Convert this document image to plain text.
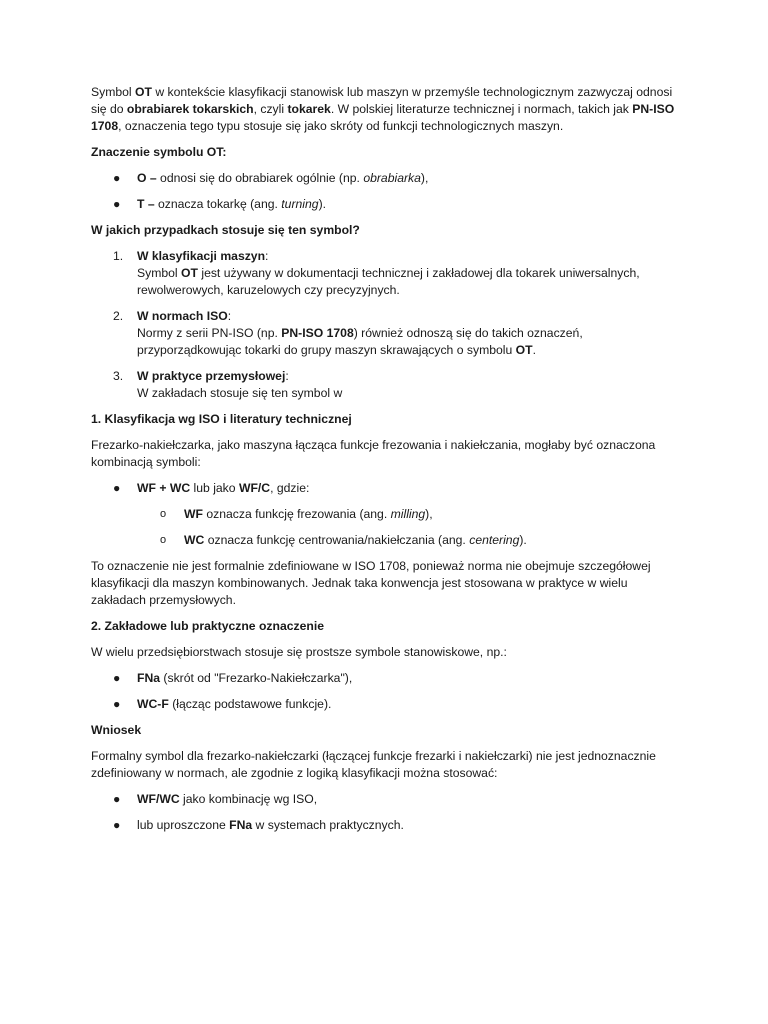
Symbol OT w kontekście klasyfikacji stanowisk lub maszyn w przemyśle technologicznym zazwyczaj odnosi się do obrabiarek tokarskich, czyli tokarek. W polskiej literaturze technicznej i normach, takich jak PN-ISO 1708, oznaczenia tego typu stosuje się jako skróty od funkcji technologicznych maszyn.

Znaczenie symbolu OT:

● O – odnosi się do obrabiarek ogólnie (np. obrabiarka),
● T – oznacza tokarkę (ang. turning).

W jakich przypadkach stosuje się ten symbol?

1. W klasyfikacji maszyn:
Symbol OT jest używany w dokumentacji technicznej i zakładowej dla tokarek uniwersalnych, rewolwerowych, karuzelowych czy precyzyjnych.
2. W normach ISO:
Normy z serii PN-ISO (np. PN-ISO 1708) również odnoszą się do takich oznaczeń, przyporządkowując tokarki do grupy maszyn skrawających o symbolu OT.
3. W praktyce przemysłowej:
W zakładach stosuje się ten symbol w

1. Klasyfikacja wg ISO i literatury technicznej

Frezarko-nakiełczarka, jako maszyna łącząca funkcje frezowania i nakiełczania, mogłaby być oznaczona kombinacją symboli:

● WF + WC lub jako WF/C, gdzie:
o WF oznacza funkcję frezowania (ang. milling),
o WC oznacza funkcję centrowania/nakiełczania (ang. centering).

To oznaczenie nie jest formalnie zdefiniowane w ISO 1708, ponieważ norma nie obejmuje szczegółowej klasyfikacji dla maszyn kombinowanych. Jednak taka konwencja jest stosowana w praktyce w wielu zakładach przemysłowych.

2. Zakładowe lub praktyczne oznaczenie

W wielu przedsiębiorstwach stosuje się prostsze symbole stanowiskowe, np.:

● FNa (skrót od "Frezarko-Nakiełczarka"),
● WC-F (łącząc podstawowe funkcje).

Wniosek

Formalny symbol dla frezarko-nakiełczarki (łączącej funkcje frezarki i nakiełczarki) nie jest jednoznacznie zdefiniowany w normach, ale zgodnie z logiką klasyfikacji można stosować:

● WF/WC jako kombinację wg ISO,
● lub uproszczone FNa w systemach praktycznych.
